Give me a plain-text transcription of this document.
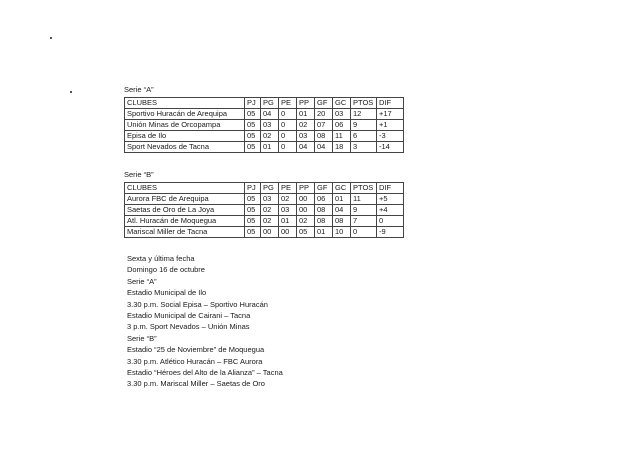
Serie “A”
CLUBES	PJ	PG	PE	PP	GF	GC	PTOS	DIF
Sportivo Huracán de Arequipa	05	04	0	01	20	03	12	+17
Unión Minas de Orcopampa	05	03	0	02	07	06	9	+1
Episa de Ilo	05	02	0	03	08	11	6	-3
Sport Nevados de Tacna	05	01	0	04	04	18	3	-14
Serie “B”
CLUBES	PJ	PG	PE	PP	GF	GC	PTOS	DIF
Aurora FBC de Arequipa	05	03	02	00	06	01	11	+5
Saetas de Oro de La Joya	05	02	03	00	08	04	9	+4
Atl. Huracán de Moquegua	05	02	01	02	08	08	7	0
Mariscal Miller de Tacna	05	00	00	05	01	10	0	-9
Sexta y última fecha
Domingo 16 de octubre
Serie “A”
Estadio Municipal de Ilo
3.30 p.m. Social Episa – Sportivo Huracán
Estadio Municipal de Cairani – Tacna
3 p.m. Sport Nevados – Unión Minas
Serie “B”
Estadio “25 de Noviembre” de Moquegua
3.30 p.m. Atlético Huracán – FBC Aurora
Estadio “Héroes del Alto de la Alianza” – Tacna
3.30 p.m. Mariscal Miller – Saetas de Oro
